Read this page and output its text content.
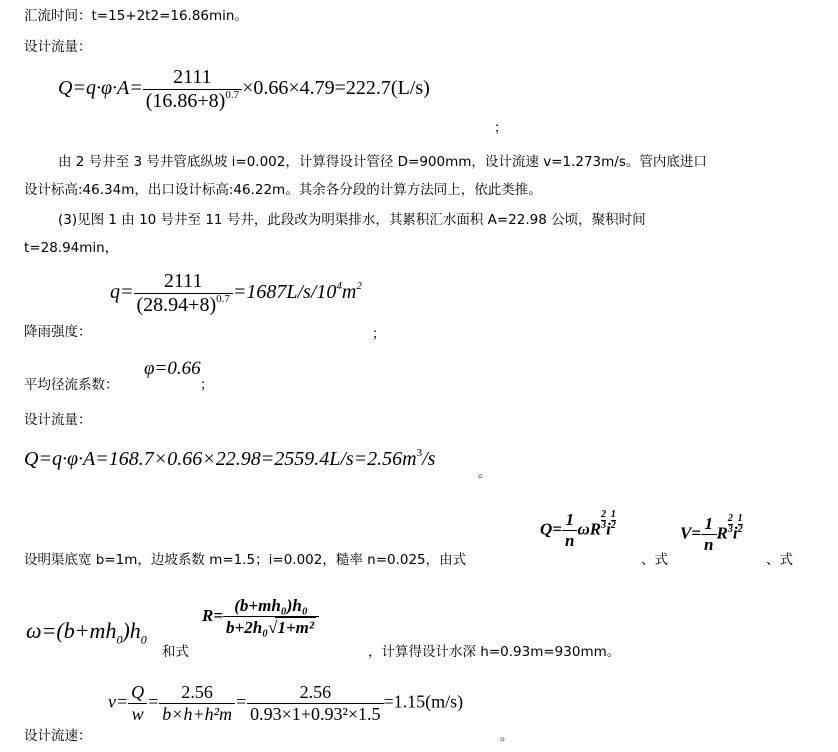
汇流时间：t=15+2t2=16.86min。
设计流量：
$Q=q\cdot\varphi\cdot A= \frac{2111}{(16.86+8)^{0.7}} \times 0.66\times 4.79=222.7(L/s)$
；
由 2 号井至 3 号井管底纵坡 i=0.002，计算得设计管径 D=900mm，设计流速 v=1.273m/s。管内底进口
设计标高:46.34m，出口设计标高:46.22m。其余各分段的计算方法同上，依此类推。
(3)见图 1 由 10 号井至 11 号井，此段改为明渠排水，其累积汇水面积 A=22.98 公顷，聚积时间
t=28.94min，
$q= \frac{2111}{(28.94+8)^{0.7}} =1687L/s/10^4m^2$
降雨强度：	；
平均径流系数：
φ=0.66
；
设计流量：
$Q=q\cdot\varphi\cdot A=168.7\times 0.66\times 22.98=2559.4L/s=2.56m^3/s$
。
$Q= \frac{1}{n}$ ωR $\frac{2}{3}$ i $\frac{1}{2}$
$V= \frac{1}{n}$ R $\frac{2}{3}$ i $\frac{1}{2}$
设明渠底宽 b=1m，边坡系数 m=1.5；i=0.002，糙率 n=0.025，由式	、式	、式
$\omega=(b+mh_0)h_0$
和式
$R= \frac{\text{(b+mh₀)h₀}}{\text{b+2h₀√1+m²}}$
，计算得设计水深 h=0.93m=930mm。
$v= \frac{Q}{w} = \frac{2.56}{\text{b×h+h²m}} = \frac{2.56}{\text{0.93×1+0.93²×1.5}} =1.15(m/s)$
设计流速：	。
